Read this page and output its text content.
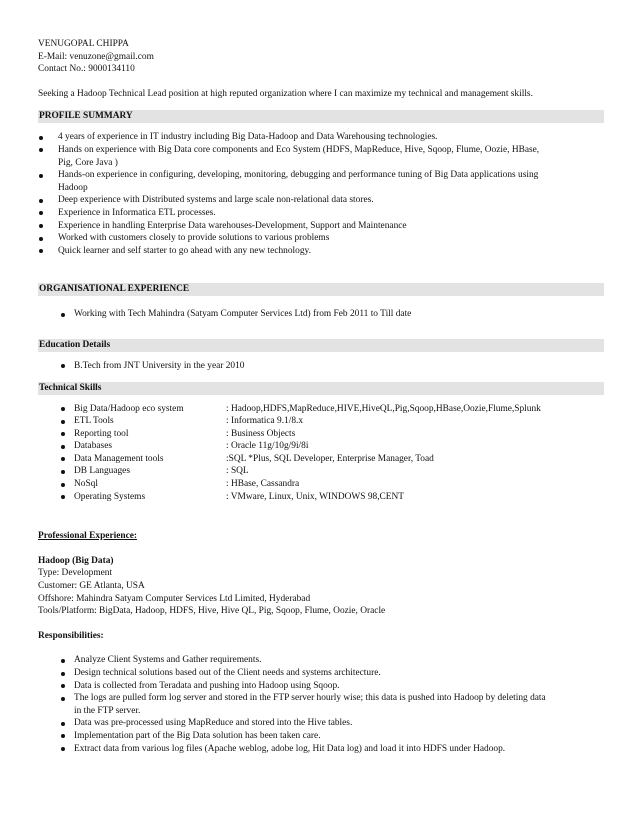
VENUGOPAL CHIPPA
E-Mail: venuzone@gmail.com
Contact No.: 9000134110
Seeking a Hadoop Technical Lead position at high reputed organization where I can maximize my technical and management skills.
PROFILE SUMMARY
4 years of experience in IT industry including Big Data-Hadoop and Data Warehousing technologies.
Hands on experience with Big Data core components and Eco System (HDFS, MapReduce, Hive, Sqoop, Flume, Oozie, HBase,
Pig, Core Java )
Hands-on experience in configuring, developing, monitoring, debugging and performance tuning of Big Data applications using
Hadoop
Deep experience with Distributed systems and large scale non-relational data stores.
Experience in Informatica ETL processes.
Experience in handling Enterprise Data warehouses-Development, Support and Maintenance
Worked with customers closely to provide solutions to various problems
Quick learner and self starter to go ahead with any new technology.
ORGANISATIONAL EXPERIENCE
Working with Tech Mahindra (Satyam Computer Services Ltd) from Feb 2011 to Till date
Education Details
B.Tech from JNT University in the year 2010
Technical Skills
Big Data/Hadoop eco system	: Hadoop,HDFS,MapReduce,HIVE,HiveQL,Pig,Sqoop,HBase,Oozie,Flume,Splunk
ETL Tools	: Informatica 9.1/8.x
Reporting tool	: Business Objects
Databases	: Oracle 11g/10g/9i/8i
Data Management tools	:SQL *Plus, SQL Developer, Enterprise Manager, Toad
DB Languages	: SQL
NoSql	: HBase, Cassandra
Operating Systems	: VMware, Linux, Unix, WINDOWS 98,CENT
Professional Experience:
Hadoop (Big Data)
Type: Development
Customer: GE Atlanta, USA
Offshore: Mahindra Satyam Computer Services Ltd Limited, Hyderabad
Tools/Platform: BigData, Hadoop, HDFS, Hive, Hive QL, Pig, Sqoop, Flume, Oozie, Oracle
Responsibilities:
Analyze Client Systems and Gather requirements.
Design technical solutions based out of the Client needs and systems architecture.
Data is collected from Teradata and pushing into Hadoop using Sqoop.
The logs are pulled form log server and stored in the FTP server hourly wise; this data is pushed into Hadoop by deleting data
in the FTP server.
Data was pre-processed using MapReduce and stored into the Hive tables.
Implementation part of the Big Data solution has been taken care.
Extract data from various log files (Apache weblog, adobe log, Hit Data log) and load it into HDFS under Hadoop.
